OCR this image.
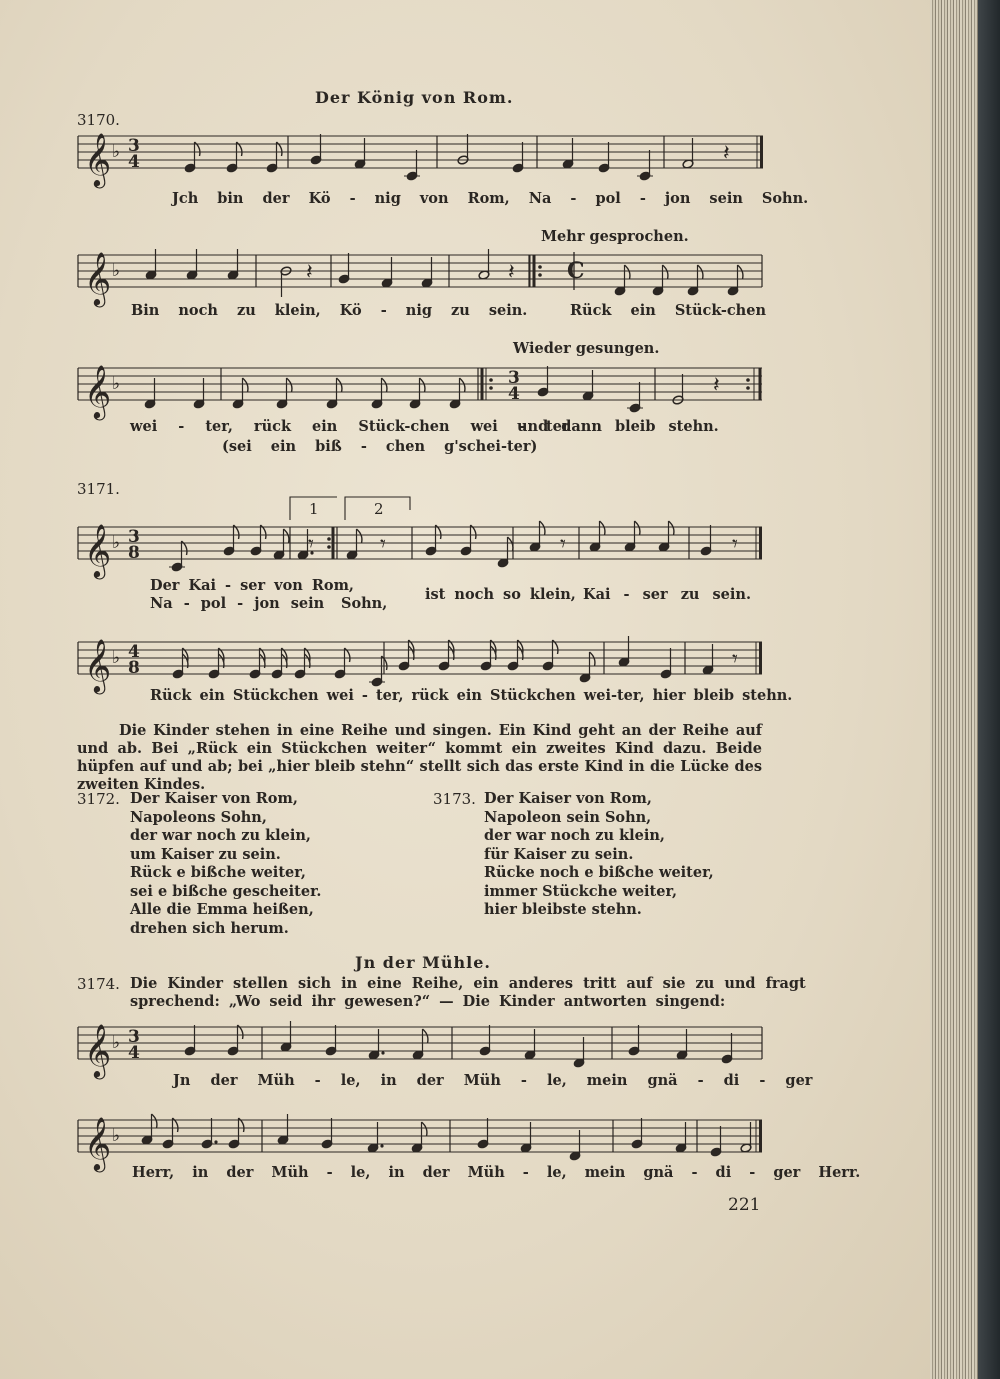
𝄞 ♭ 3
4	𝄽
𝄞 ♭	C
𝄽	𝄽
𝄞 ♭	3
4	𝄽
𝄞 ♭ 3
8	𝄾	𝄾	𝄾	𝄾
𝄞 ♭ 4
8	𝄾
𝄞 ♭ 3
4
𝄞 ♭
Der König von Rom.
3170.
Jch bin der Kö - nig von Rom, Na - pol - jon sein Sohn.
Mehr gesprochen.
Bin noch zu klein, Kö - nig zu sein.	Rück ein Stück-chen
Wieder gesungen.
wei - ter, rück ein Stück-chen wei - ter
und dann bleib stehn.
(sei ein biß - chen g'schei-ter)
3171.
1	2
Der Kai - ser von Rom,
Na - pol - jon sein Sohn,
ist noch so klein, Kai - ser zu sein.
Rück ein Stückchen wei - ter, rück ein Stückchen wei-ter, hier bleib stehn.
Die Kinder stehen in eine Reihe und singen. Ein Kind geht an der Reihe auf und ab. Bei „Rück ein Stückchen weiter“ kommt ein zweites Kind dazu. Beide hüpfen auf und ab; bei „hier bleib stehn“ stellt sich das erste Kind in die Lücke des zweiten Kindes.
3172. Der Kaiser von Rom,
Napoleons Sohn,
der war noch zu klein,
um Kaiser zu sein.
Rück e bißche weiter,
sei e bißche gescheiter.
Alle die Emma heißen,
drehen sich herum.
3173. Der Kaiser von Rom,
Napoleon sein Sohn,
der war noch zu klein,
für Kaiser zu sein.
Rücke noch e bißche weiter,
immer Stückche weiter,
hier bleibste stehn.
Jn der Mühle.
3174. Die Kinder stellen sich in eine Reihe, ein anderes tritt auf sie zu und fragt
sprechend: „Wo seid ihr gewesen?“ — Die Kinder antworten singend:
Jn der Müh - le, in der Müh - le, mein gnä - di - ger
Herr, in der Müh - le, in der Müh - le, mein gnä - di - ger Herr.
221
